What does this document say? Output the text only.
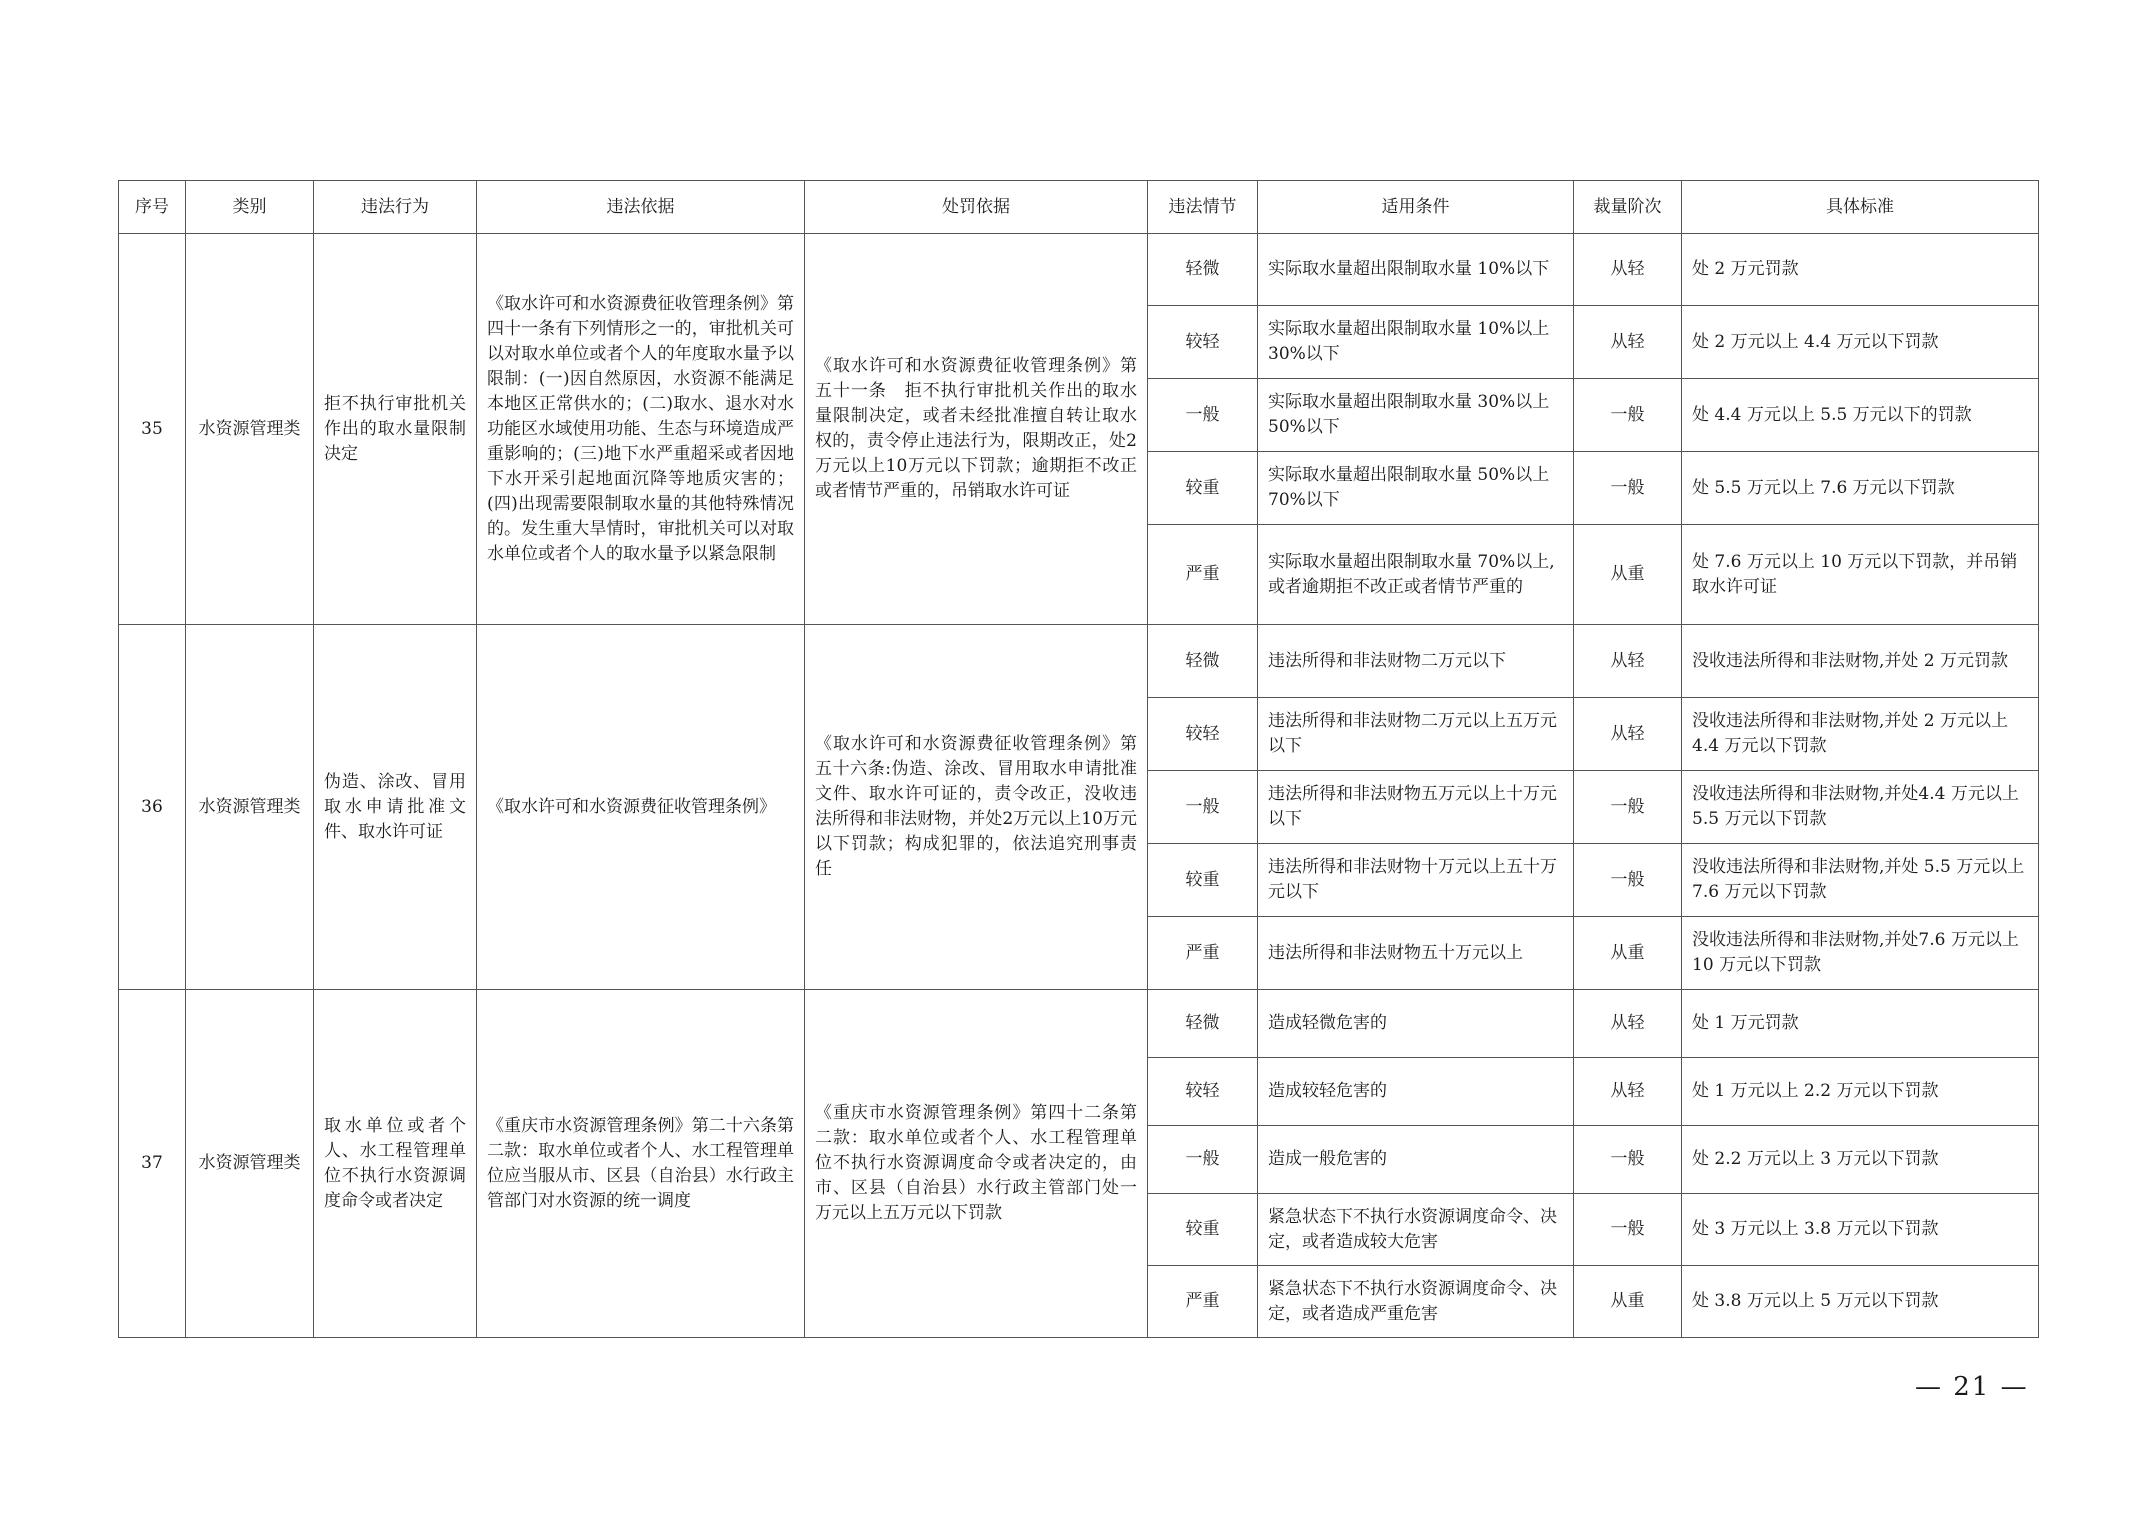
序号	类别	违法行为	违法依据	处罚依据	违法情节	适用条件	裁量阶次	具体标准
35	水资源管理类	拒不执行审批机关作出的取水量限制决定	《取水许可和水资源费征收管理条例》第四十一条有下列情形之一的，审批机关可以对取水单位或者个人的年度取水量予以限制：(一)因自然原因，水资源不能满足本地区正常供水的；(二)取水、退水对水功能区水域使用功能、生态与环境造成严重影响的；(三)地下水严重超采或者因地下水开采引起地面沉降等地质灾害的；(四)出现需要限制取水量的其他特殊情况的。发生重大旱情时，审批机关可以对取水单位或者个人的取水量予以紧急限制	《取水许可和水资源费征收管理条例》第五十一条　拒不执行审批机关作出的取水量限制决定，或者未经批准擅自转让取水权的，责令停止违法行为，限期改正，处2万元以上10万元以下罚款；逾期拒不改正或者情节严重的，吊销取水许可证	轻微	实际取水量超出限制取水量 10%以下	从轻	处 2 万元罚款
					较轻	实际取水量超出限制取水量 10%以上 30%以下	从轻	处 2 万元以上 4.4 万元以下罚款
					一般	实际取水量超出限制取水量 30%以上 50%以下	一般	处 4.4 万元以上 5.5 万元以下的罚款
					较重	实际取水量超出限制取水量 50%以上 70%以下	一般	处 5.5 万元以上 7.6 万元以下罚款
					严重	实际取水量超出限制取水量 70%以上,或者逾期拒不改正或者情节严重的	从重	处 7.6 万元以上 10 万元以下罚款，并吊销取水许可证
36	水资源管理类	伪造、涂改、冒用取水申请批准文件、取水许可证	《取水许可和水资源费征收管理条例》	《取水许可和水资源费征收管理条例》第五十六条:伪造、涂改、冒用取水申请批准文件、取水许可证的，责令改正，没收违法所得和非法财物，并处2万元以上10万元以下罚款；构成犯罪的，依法追究刑事责任	轻微	违法所得和非法财物二万元以下	从轻	没收违法所得和非法财物,并处 2 万元罚款
					较轻	违法所得和非法财物二万元以上五万元以下	从轻	没收违法所得和非法财物,并处 2 万元以上 4.4 万元以下罚款
					一般	违法所得和非法财物五万元以上十万元以下	一般	没收违法所得和非法财物,并处4.4 万元以上 5.5 万元以下罚款
					较重	违法所得和非法财物十万元以上五十万元以下	一般	没收违法所得和非法财物,并处 5.5 万元以上 7.6 万元以下罚款
					严重	违法所得和非法财物五十万元以上	从重	没收违法所得和非法财物,并处7.6 万元以上 10 万元以下罚款
37	水资源管理类	取水单位或者个人、水工程管理单位不执行水资源调度命令或者决定	《重庆市水资源管理条例》第二十六条第二款：取水单位或者个人、水工程管理单位应当服从市、区县（自治县）水行政主管部门对水资源的统一调度	《重庆市水资源管理条例》第四十二条第二款：取水单位或者个人、水工程管理单位不执行水资源调度命令或者决定的，由市、区县（自治县）水行政主管部门处一万元以上五万元以下罚款	轻微	造成轻微危害的	从轻	处 1 万元罚款
					较轻	造成较轻危害的	从轻	处 1 万元以上 2.2 万元以下罚款
					一般	造成一般危害的	一般	处 2.2 万元以上 3 万元以下罚款
					较重	紧急状态下不执行水资源调度命令、决定，或者造成较大危害	一般	处 3 万元以上 3.8 万元以下罚款
					严重	紧急状态下不执行水资源调度命令、决定，或者造成严重危害	从重	处 3.8 万元以上 5 万元以下罚款
— 21 —
